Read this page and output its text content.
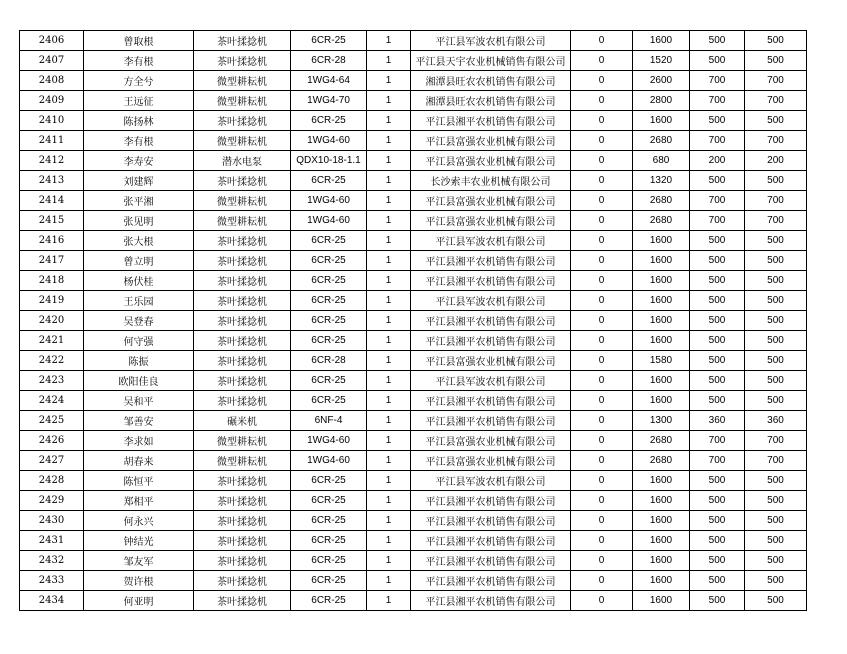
2406	曾取根	茶叶揉捻机	6CR-25	1	平江县军波农机有限公司	0	1600	500	500
2407	李有根	茶叶揉捻机	6CR-28	1	平江县天宇农业机械销售有限公司	0	1520	500	500
2408	方全兮	微型耕耘机	1WG4-64	1	湘潭县旺农农机销售有限公司	0	2600	700	700
2409	王远征	微型耕耘机	1WG4-70	1	湘潭县旺农农机销售有限公司	0	2800	700	700
2410	陈扬林	茶叶揉捻机	6CR-25	1	平江县湘平农机销售有限公司	0	1600	500	500
2411	李有根	微型耕耘机	1WG4-60	1	平江县富强农业机械有限公司	0	2680	700	700
2412	李寿安	潜水电泵	QDX10-18-1.1	1	平江县富强农业机械有限公司	0	680	200	200
2413	刘建辉	茶叶揉捻机	6CR-25	1	长沙索丰农业机械有限公司	0	1320	500	500
2414	张平湘	微型耕耘机	1WG4-60	1	平江县富强农业机械有限公司	0	2680	700	700
2415	张见明	微型耕耘机	1WG4-60	1	平江县富强农业机械有限公司	0	2680	700	700
2416	张大根	茶叶揉捻机	6CR-25	1	平江县军波农机有限公司	0	1600	500	500
2417	曾立明	茶叶揉捻机	6CR-25	1	平江县湘平农机销售有限公司	0	1600	500	500
2418	杨伏桂	茶叶揉捻机	6CR-25	1	平江县湘平农机销售有限公司	0	1600	500	500
2419	王乐园	茶叶揉捻机	6CR-25	1	平江县军波农机有限公司	0	1600	500	500
2420	吴登春	茶叶揉捻机	6CR-25	1	平江县湘平农机销售有限公司	0	1600	500	500
2421	何守强	茶叶揉捻机	6CR-25	1	平江县湘平农机销售有限公司	0	1600	500	500
2422	陈振	茶叶揉捻机	6CR-28	1	平江县富强农业机械有限公司	0	1580	500	500
2423	欧阳佳良	茶叶揉捻机	6CR-25	1	平江县军波农机有限公司	0	1600	500	500
2424	吴和平	茶叶揉捻机	6CR-25	1	平江县湘平农机销售有限公司	0	1600	500	500
2425	邹善安	碾米机	6NF-4	1	平江县湘平农机销售有限公司	0	1300	360	360
2426	李求如	微型耕耘机	1WG4-60	1	平江县富强农业机械有限公司	0	2680	700	700
2427	胡春来	微型耕耘机	1WG4-60	1	平江县富强农业机械有限公司	0	2680	700	700
2428	陈恒平	茶叶揉捻机	6CR-25	1	平江县军波农机有限公司	0	1600	500	500
2429	郑相平	茶叶揉捻机	6CR-25	1	平江县湘平农机销售有限公司	0	1600	500	500
2430	何永兴	茶叶揉捻机	6CR-25	1	平江县湘平农机销售有限公司	0	1600	500	500
2431	钟结光	茶叶揉捻机	6CR-25	1	平江县湘平农机销售有限公司	0	1600	500	500
2432	邹友军	茶叶揉捻机	6CR-25	1	平江县湘平农机销售有限公司	0	1600	500	500
2433	贺许根	茶叶揉捻机	6CR-25	1	平江县湘平农机销售有限公司	0	1600	500	500
2434	何亚明	茶叶揉捻机	6CR-25	1	平江县湘平农机销售有限公司	0	1600	500	500
